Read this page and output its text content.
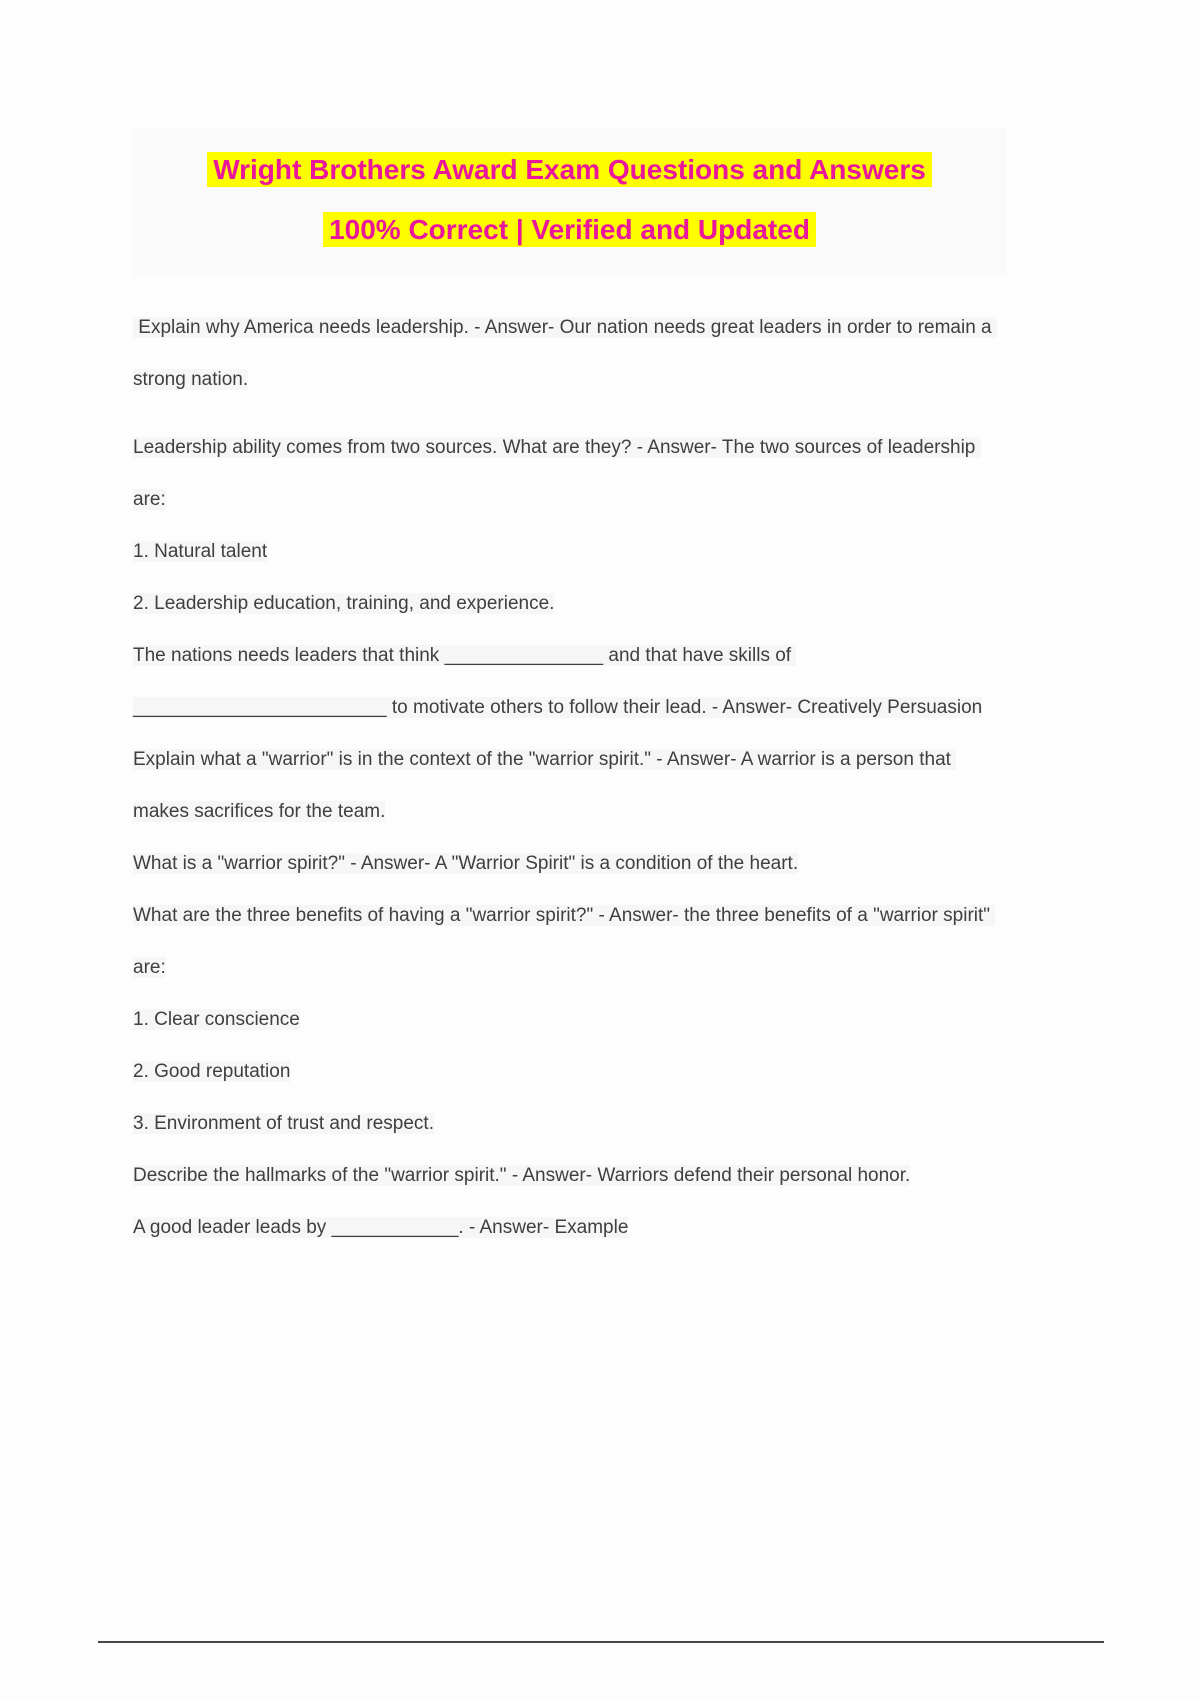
Wright Brothers Award Exam Questions and Answers
100% Correct | Verified and Updated

Explain why America needs leadership. - Answer- Our nation needs great leaders in order to remain a strong nation.

Leadership ability comes from two sources. What are they? - Answer- The two sources of leadership are:

1. Natural talent

2. Leadership education, training, and experience.

The nations needs leaders that think _______________ and that have skills of ________________________ to motivate others to follow their lead. - Answer- Creatively Persuasion

Explain what a "warrior" is in the context of the "warrior spirit." - Answer- A warrior is a person that makes sacrifices for the team.

What is a "warrior spirit?" - Answer- A "Warrior Spirit" is a condition of the heart.

What are the three benefits of having a "warrior spirit?" - Answer- the three benefits of a "warrior spirit" are:

1. Clear conscience

2. Good reputation

3. Environment of trust and respect.

Describe the hallmarks of the "warrior spirit." - Answer- Warriors defend their personal honor.

A good leader leads by ____________. - Answer- Example
